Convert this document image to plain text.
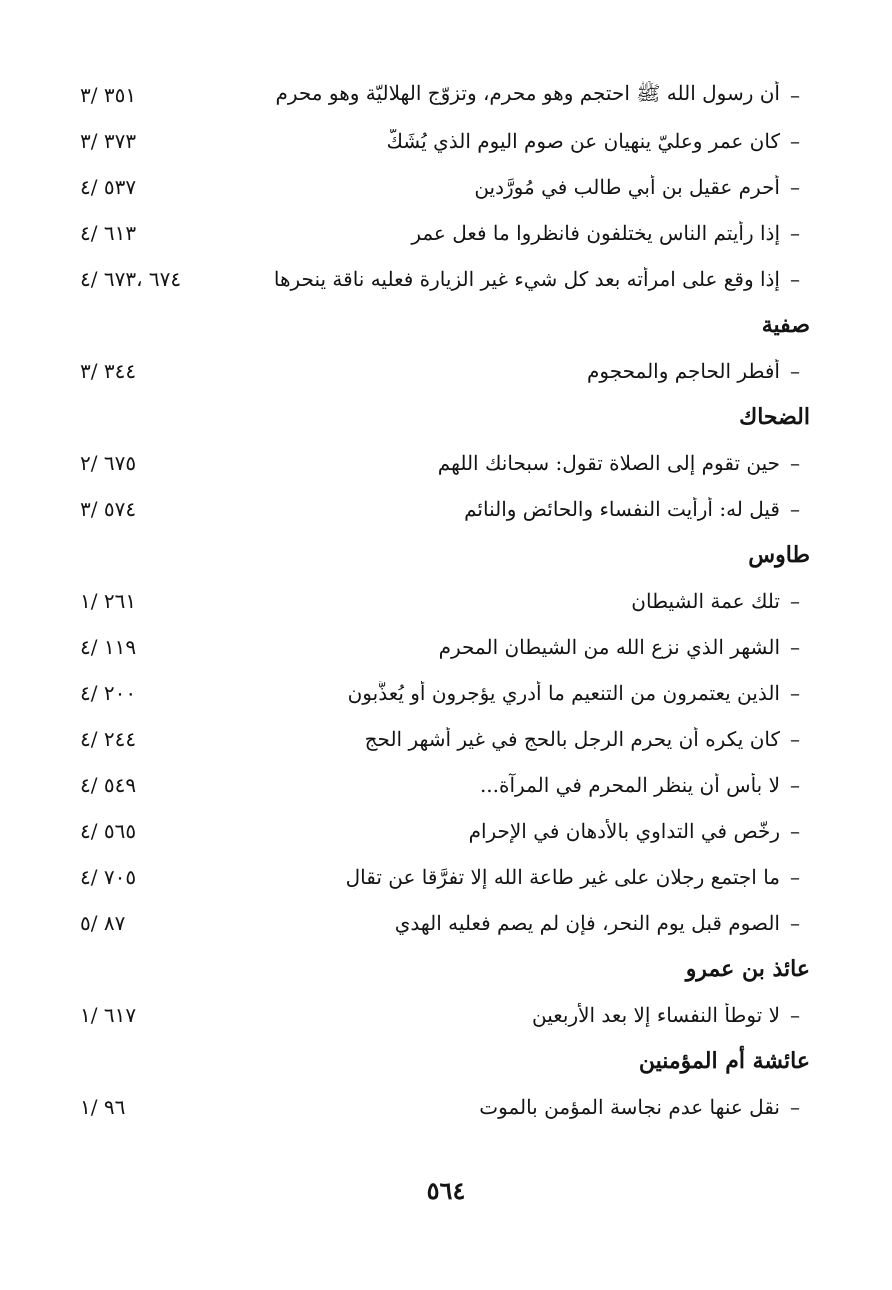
–
أن رسول الله ﷺ احتجم وهو محرم، وتزوّج الهلاليّة وهو محرم
٣٥١ /٣
–
كان عمر وعليّ ينهيان عن صوم اليوم الذي يُشَكّ
٣٧٣ /٣
–
أحرم عقيل بن أبي طالب في مُورَّدين
٥٣٧ /٤
–
إذا رأيتم الناس يختلفون فانظروا ما فعل عمر
٦١٣ /٤
–
إذا وقع على امرأته بعد كل شيء غير الزيارة فعليه ناقة ينحرها
٦٧٤ ،٦٧٣ /٤
صفية
–
أفطر الحاجم والمحجوم
٣٤٤ /٣
الضحاك
–
حين تقوم إلى الصلاة تقول: سبحانك اللهم
٦٧٥ /٢
–
قيل له: أرأيت النفساء والحائض والنائم
٥٧٤ /٣
طاوس
–
تلك عمة الشيطان
٢٦١ /١
–
الشهر الذي نزع الله من الشيطان المحرم
١١٩ /٤
–
الذين يعتمرون من التنعيم ما أدري يؤجرون أو يُعذَّبون
٢٠٠ /٤
–
كان يكره أن يحرم الرجل بالحج في غير أشهر الحج
٢٤٤ /٤
–
لا بأس أن ينظر المحرم في المرآة...
٥٤٩ /٤
–
رخّص في التداوي بالأدهان في الإحرام
٥٦٥ /٤
–
ما اجتمع رجلان على غير طاعة الله إلا تفرَّقا عن تقالٍ
٧٠٥ /٤
–
الصوم قبل يوم النحر، فإن لم يصم فعليه الهدي
٨٧ /٥
عائذ بن عمرو
–
لا توطأ النفساء إلا بعد الأربعين
٦١٧ /١
عائشة أم المؤمنين
–
نقل عنها عدم نجاسة المؤمن بالموت
٩٦ /١
٥٦٤
